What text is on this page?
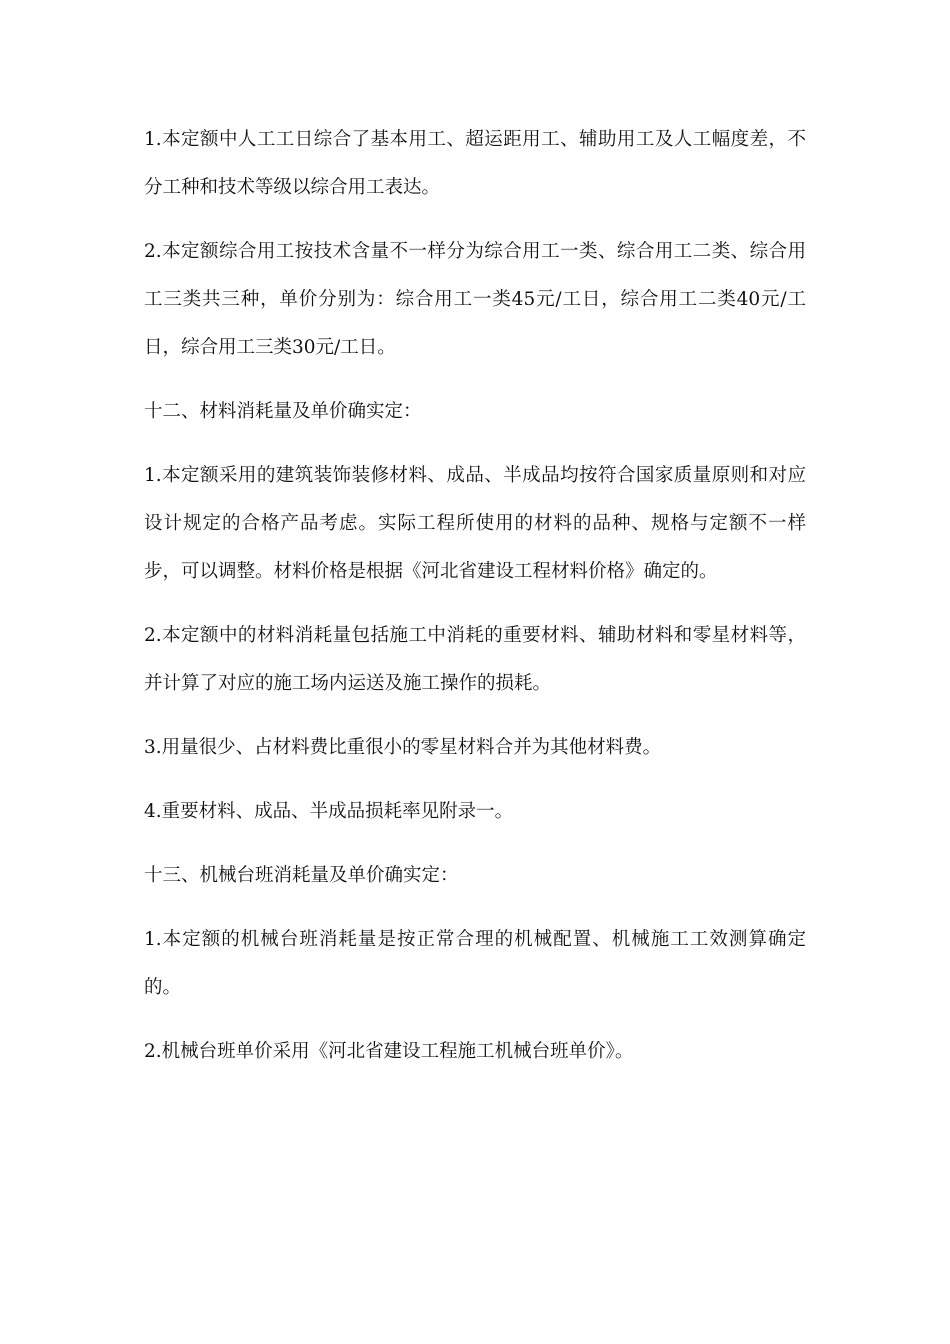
1.本定额中人工工日综合了基本用工、超运距用工、辅助用工及人工幅度差，不分工种和技术等级以综合用工表达。

2.本定额综合用工按技术含量不一样分为综合用工一类、综合用工二类、综合用工三类共三种，单价分别为：综合用工一类45元/工日，综合用工二类40元/工日，综合用工三类30元/工日。

十二、材料消耗量及单价确实定：

1.本定额采用的建筑装饰装修材料、成品、半成品均按符合国家质量原则和对应设计规定的合格产品考虑。实际工程所使用的材料的品种、规格与定额不一样步，可以调整。材料价格是根据《河北省建设工程材料价格》确定的。

2.本定额中的材料消耗量包括施工中消耗的重要材料、辅助材料和零星材料等，并计算了对应的施工场内运送及施工操作的损耗。

3.用量很少、占材料费比重很小的零星材料合并为其他材料费。

4.重要材料、成品、半成品损耗率见附录一。

十三、机械台班消耗量及单价确实定：

1.本定额的机械台班消耗量是按正常合理的机械配置、机械施工工效测算确定的。

2.机械台班单价采用《河北省建设工程施工机械台班单价》。
